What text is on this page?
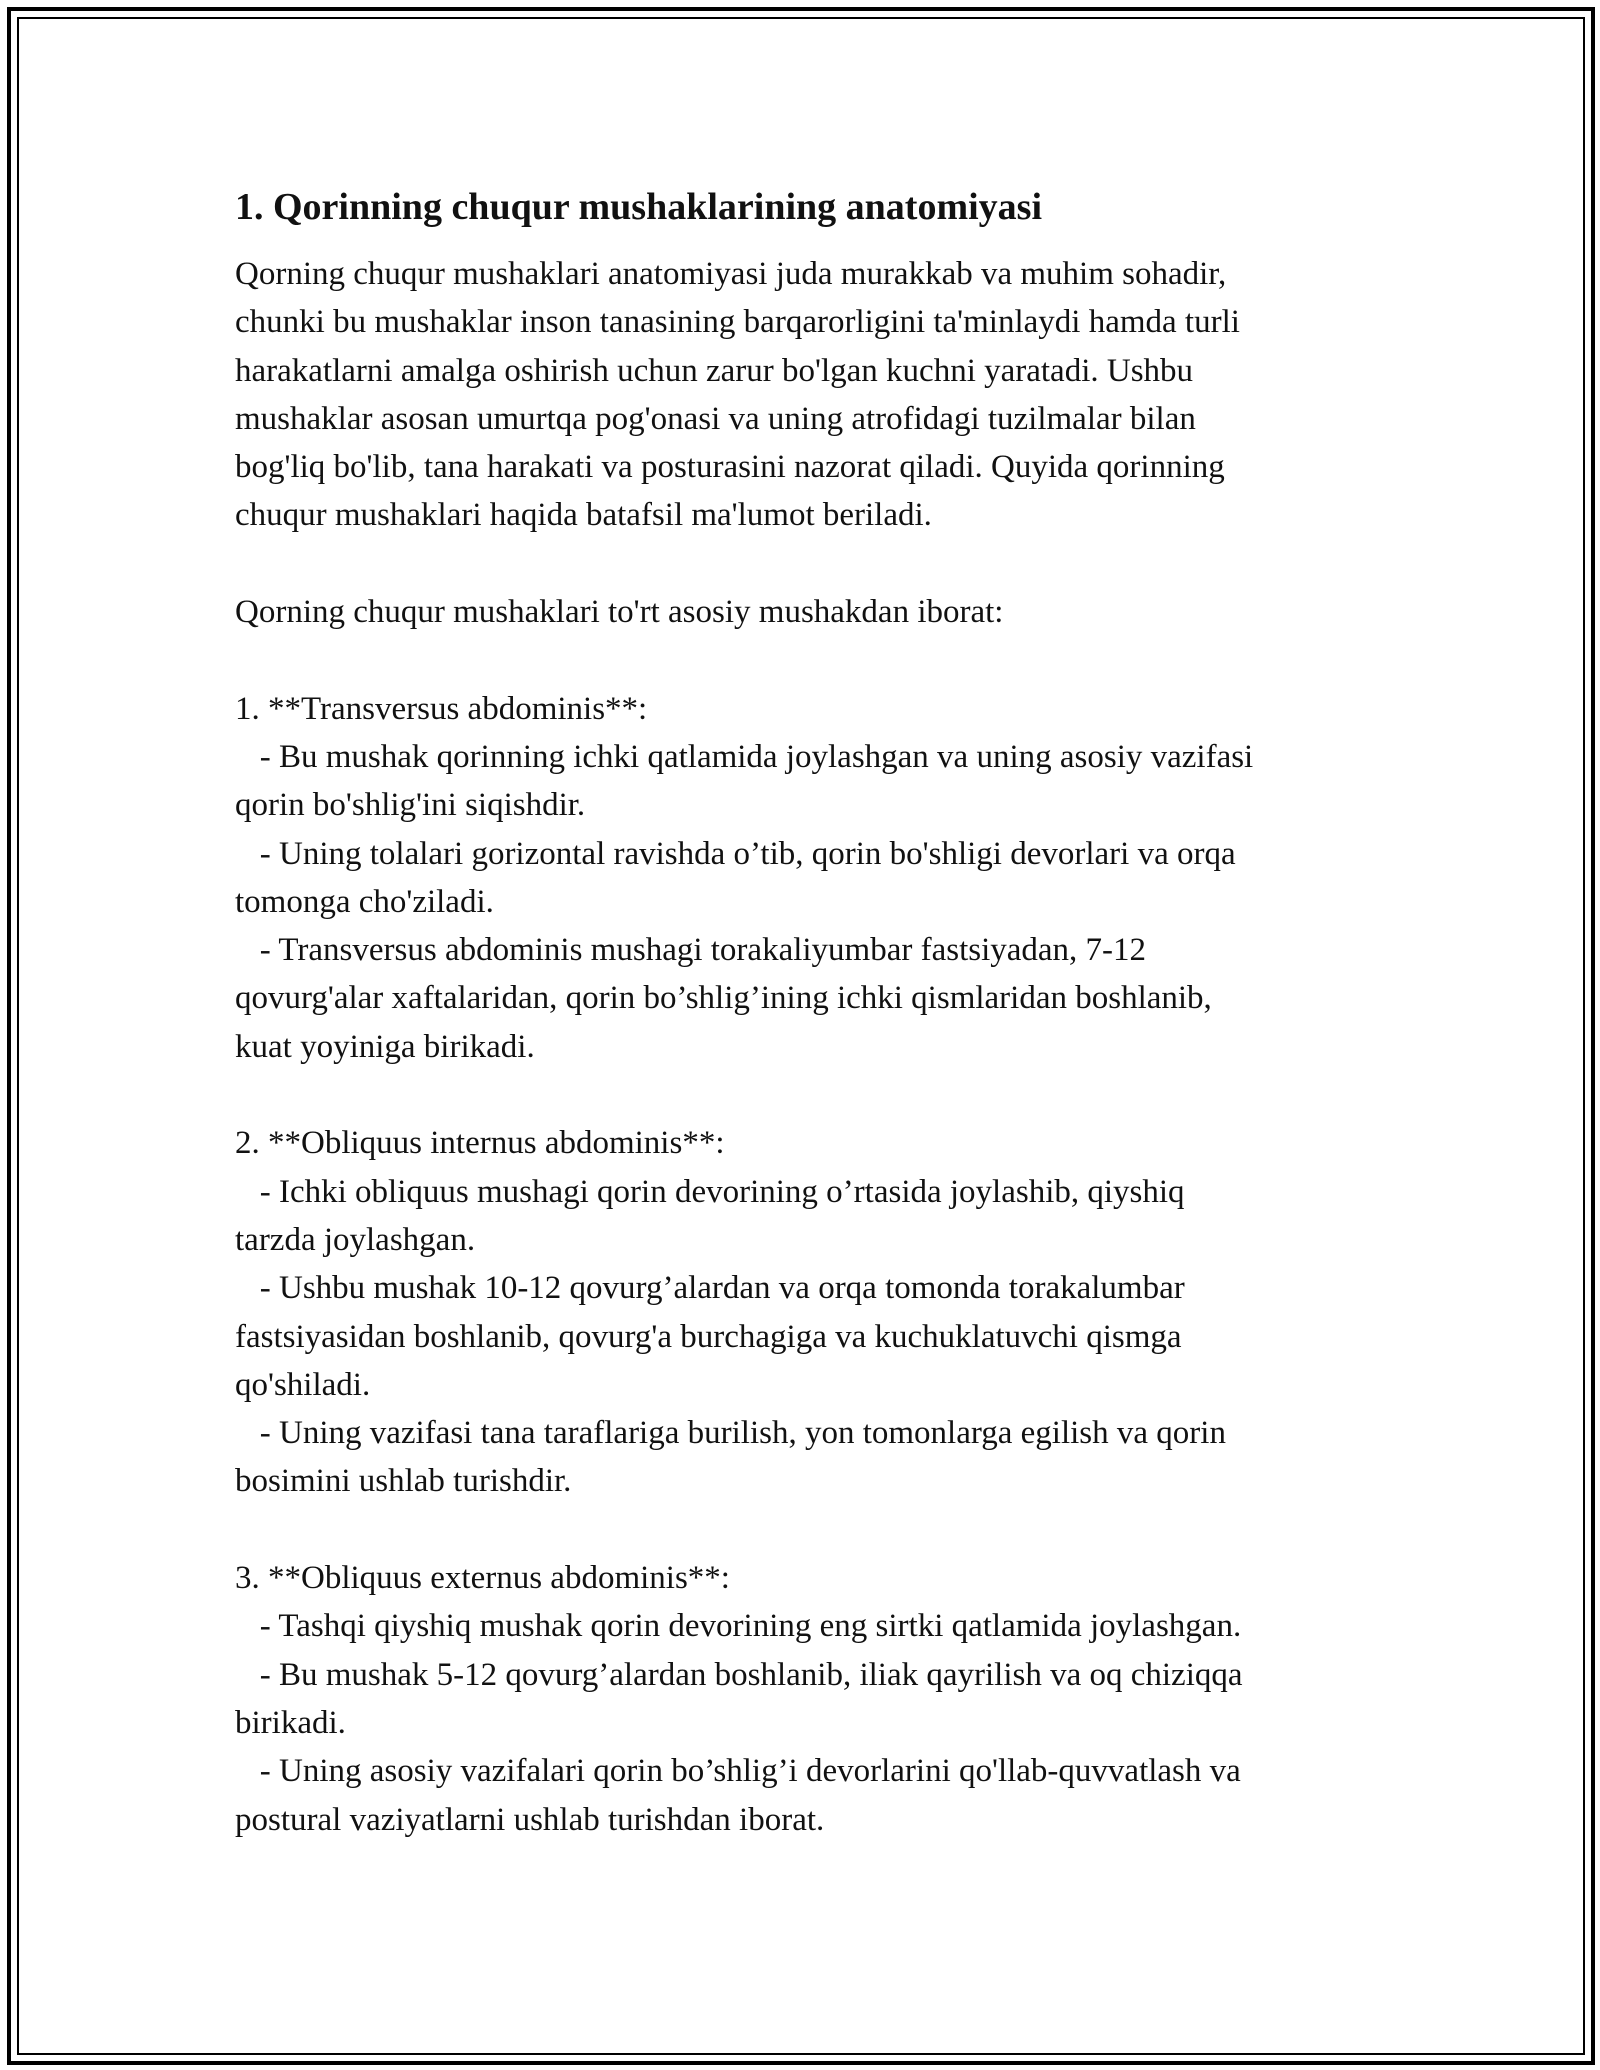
1. Qorinning chuqur mushaklarining anatomiyasi
Qorning chuqur mushaklari anatomiyasi juda murakkab va muhim sohadir,
chunki bu mushaklar inson tanasining barqarorligini ta'minlaydi hamda turli
harakatlarni amalga oshirish uchun zarur bo'lgan kuchni yaratadi. Ushbu
mushaklar asosan umurtqa pog'onasi va uning atrofidagi tuzilmalar bilan
bog'liq bo'lib, tana harakati va posturasini nazorat qiladi. Quyida qorinning
chuqur mushaklari haqida batafsil ma'lumot beriladi.
Qorning chuqur mushaklari to'rt asosiy mushakdan iborat:
1. **Transversus abdominis**:
- Bu mushak qorinning ichki qatlamida joylashgan va uning asosiy vazifasi
qorin bo'shlig'ini siqishdir.
- Uning tolalari gorizontal ravishda o’tib, qorin bo'shligi devorlari va orqa
tomonga cho'ziladi.
- Transversus abdominis mushagi torakaliyumbar fastsiyadan, 7-12
qovurg'alar xaftalaridan, qorin bo’shlig’ining ichki qismlaridan boshlanib,
kuat yoyiniga birikadi.
2. **Obliquus internus abdominis**:
- Ichki obliquus mushagi qorin devorining o’rtasida joylashib, qiyshiq
tarzda joylashgan.
- Ushbu mushak 10-12 qovurg’alardan va orqa tomonda torakalumbar
fastsiyasidan boshlanib, qovurg'a burchagiga va kuchuklatuvchi qismga
qo'shiladi.
- Uning vazifasi tana taraflariga burilish, yon tomonlarga egilish va qorin
bosimini ushlab turishdir.
3. **Obliquus externus abdominis**:
- Tashqi qiyshiq mushak qorin devorining eng sirtki qatlamida joylashgan.
- Bu mushak 5-12 qovurg’alardan boshlanib, iliak qayrilish va oq chiziqqa
birikadi.
- Uning asosiy vazifalari qorin bo’shlig’i devorlarini qo'llab-quvvatlash va
postural vaziyatlarni ushlab turishdan iborat.
